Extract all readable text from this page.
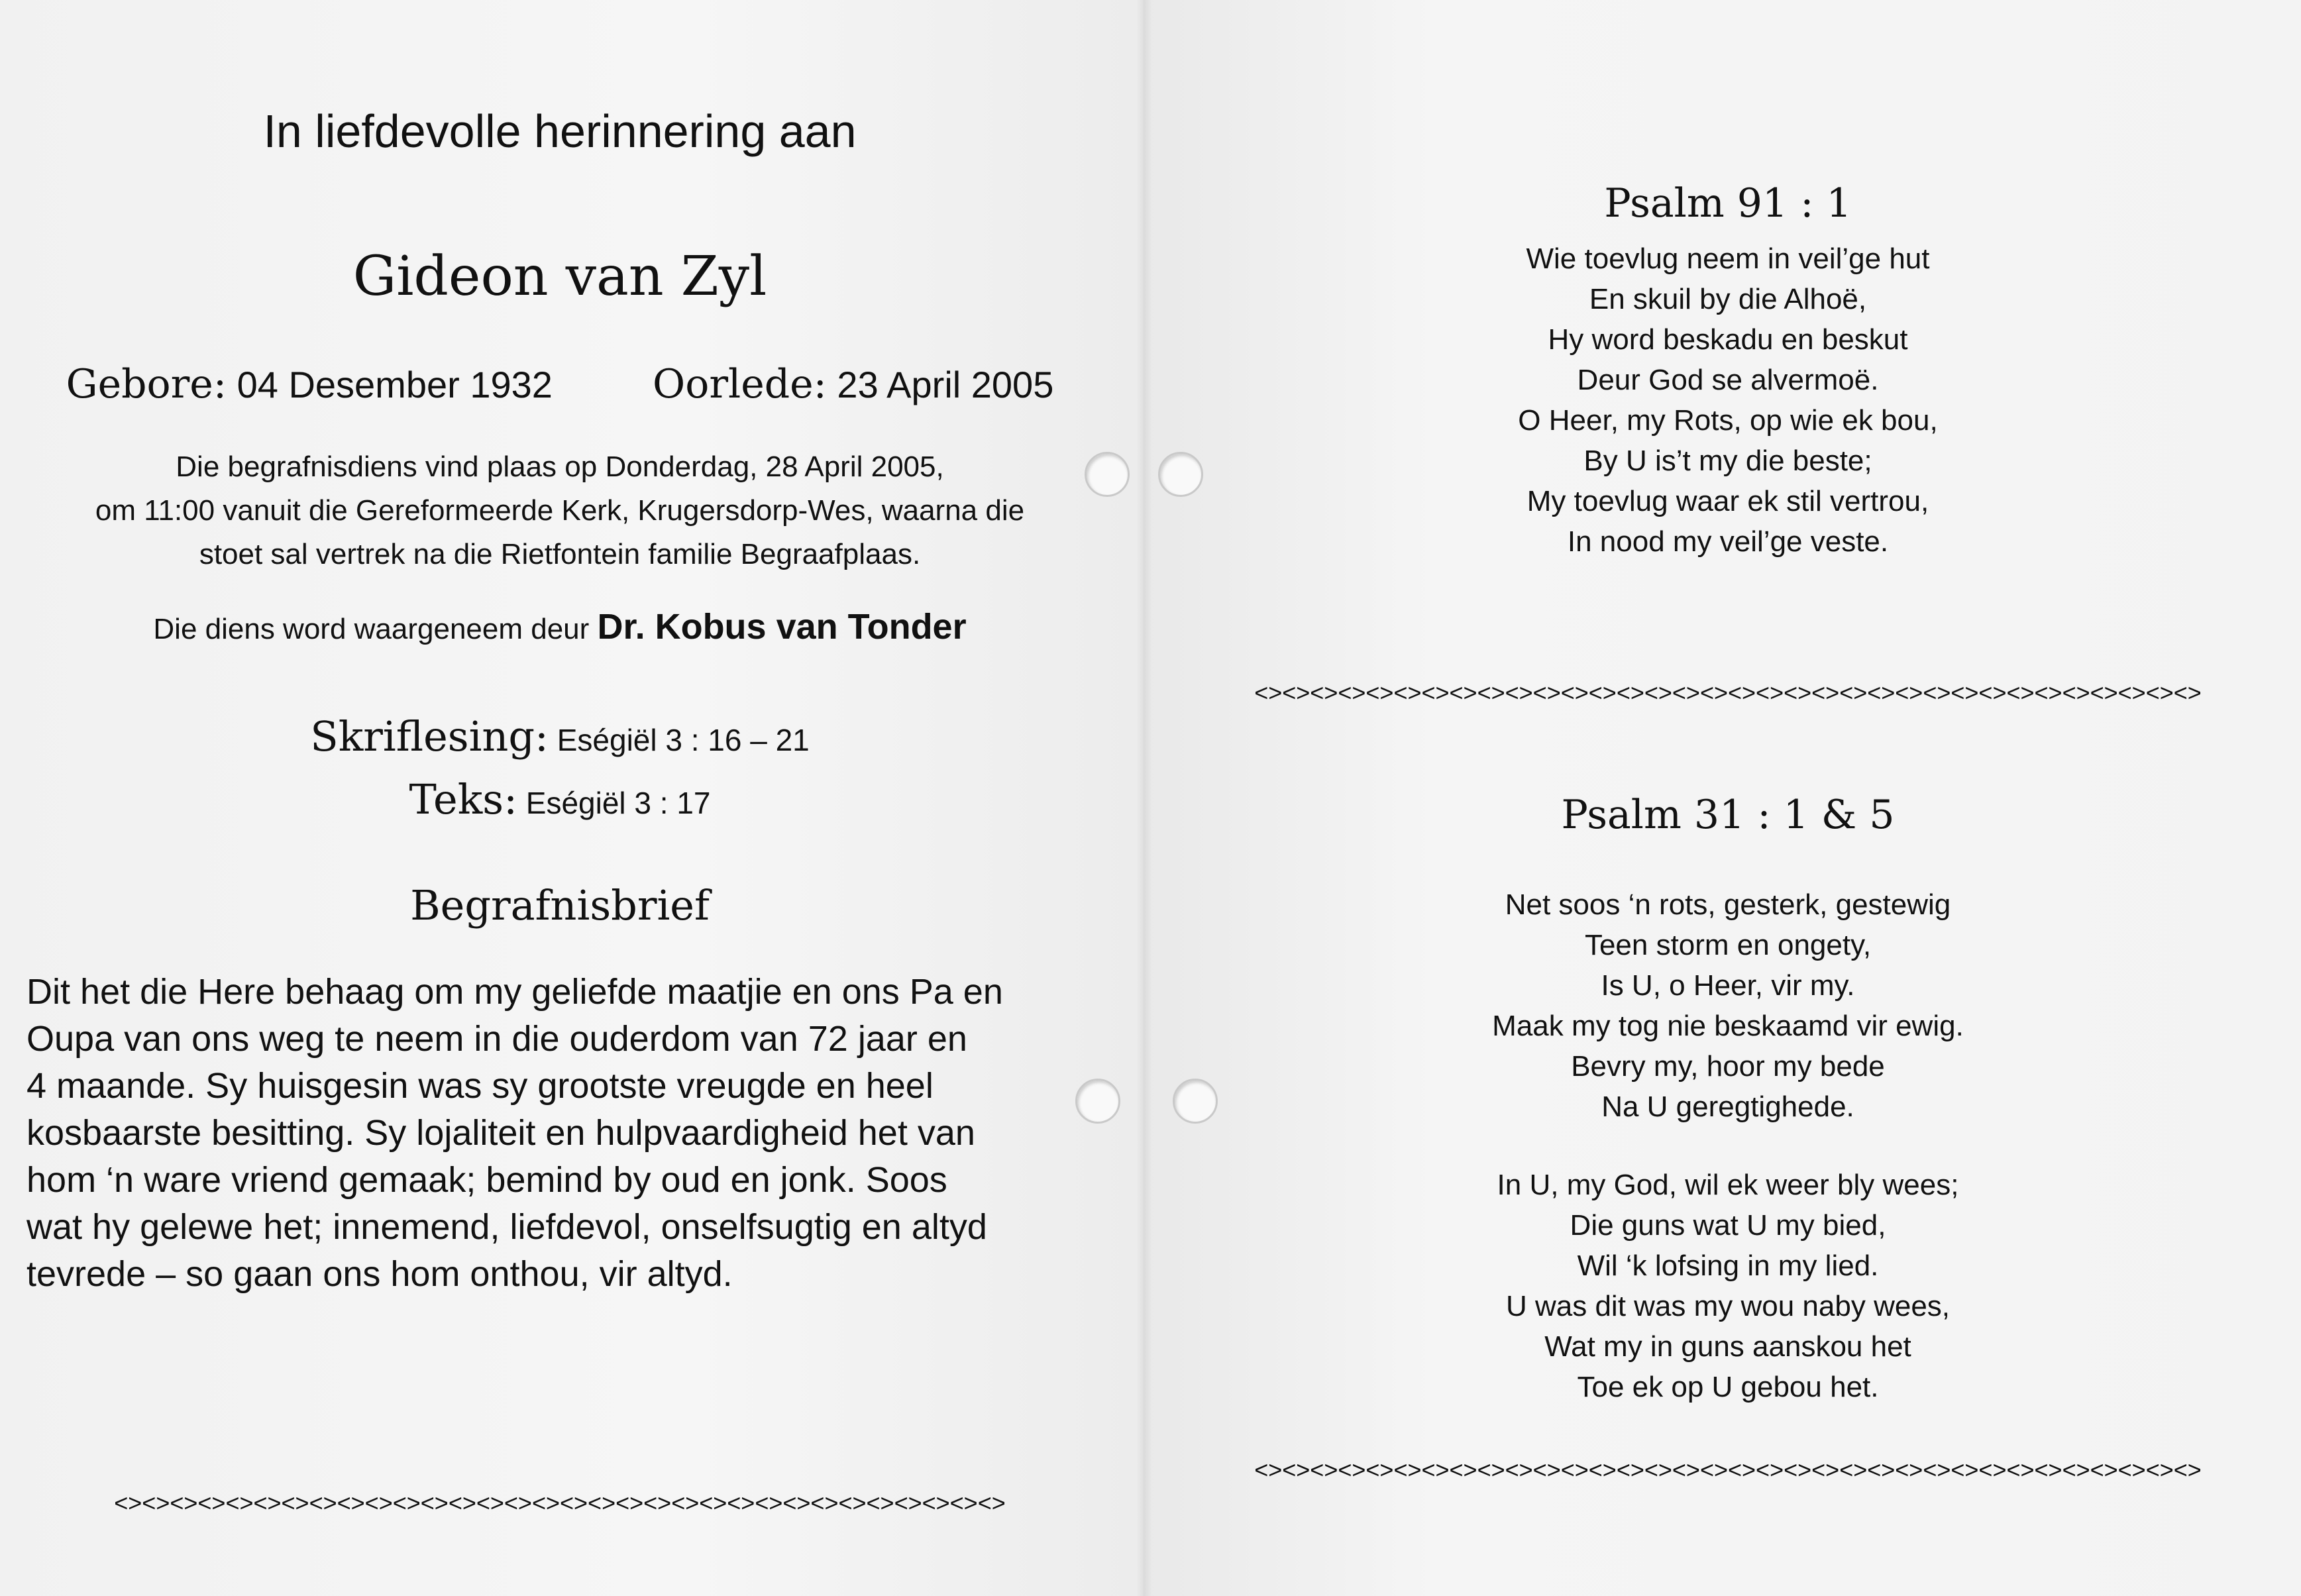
In liefdevolle herinnering aan
Gideon van Zyl
Gebore: 04 Desember 1932	Oorlede: 23 April 2005
Die begrafnisdiens vind plaas op Donderdag, 28 April 2005,
om 11:00 vanuit die Gereformeerde Kerk, Krugersdorp-Wes, waarna die
stoet sal vertrek na die Rietfontein familie Begraafplaas.
Die diens word waargeneem deur Dr. Kobus van Tonder
Skriflesing: Eségiël 3 : 16 – 21
Teks: Eségiël 3 : 17
Begrafnisbrief
Dit het die Here behaag om my geliefde maatjie en ons Pa en
Oupa van ons weg te neem in die ouderdom van 72 jaar en
4 maande. Sy huisgesin was sy grootste vreugde en heel
kosbaarste besitting. Sy lojaliteit en hulpvaardigheid het van
hom ‘n ware vriend gemaak; bemind by oud en jonk. Soos
wat hy gelewe het; innemend, liefdevol, onselfsugtig en altyd
tevrede – so gaan ons hom onthou, vir altyd.
<><><><><><><><><><><><><><><><><><><><><><><><><><><><><><><><>
Psalm 91 : 1
Wie toevlug neem in veil’ge hut
En skuil by die Alhoë,
Hy word beskadu en beskut
Deur God se alvermoë.
O Heer, my Rots, op wie ek bou,
By U is’t my die beste;
My toevlug waar ek stil vertrou,
In nood my veil’ge veste.
<><><><><><><><><><><><><><><><><><><><><><><><><><><><><><><><><><>
Psalm 31 : 1 & 5
Net soos ‘n rots, gesterk, gestewig
Teen storm en ongety,
Is U, o Heer, vir my.
Maak my tog nie beskaamd vir ewig.
Bevry my, hoor my bede
Na U geregtighede.
In U, my God, wil ek weer bly wees;
Die guns wat U my bied,
Wil ‘k lofsing in my lied.
U was dit was my wou naby wees,
Wat my in guns aanskou het
Toe ek op U gebou het.
<><><><><><><><><><><><><><><><><><><><><><><><><><><><><><><><><><>
